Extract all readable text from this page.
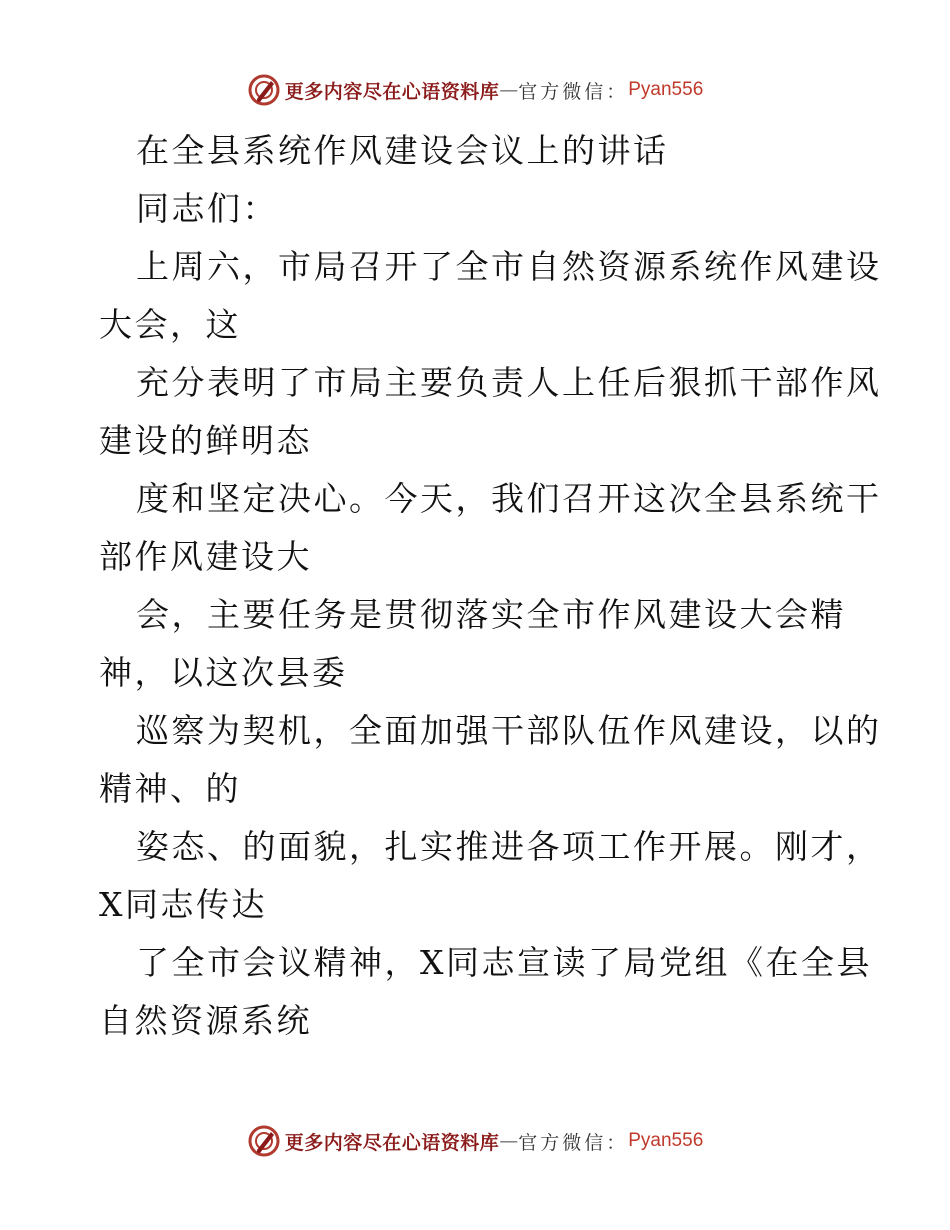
更多内容尽在心语资料库 — 官方微信： Pyan556
在全县系统作风建设会议上的讲话
同志们：
上周六，市局召开了全市自然资源系统作风建设
大会，这
充分表明了市局主要负责人上任后狠抓干部作风
建设的鲜明态
度和坚定决心。今天，我们召开这次全县系统干
部作风建设大
会，主要任务是贯彻落实全市作风建设大会精
神，以这次县委
巡察为契机，全面加强干部队伍作风建设，以的
精神、的
姿态、的面貌，扎实推进各项工作开展。刚才，
X同志传达
了全市会议精神，X同志宣读了局党组《在全县
自然资源系统
更多内容尽在心语资料库 — 官方微信： Pyan556
